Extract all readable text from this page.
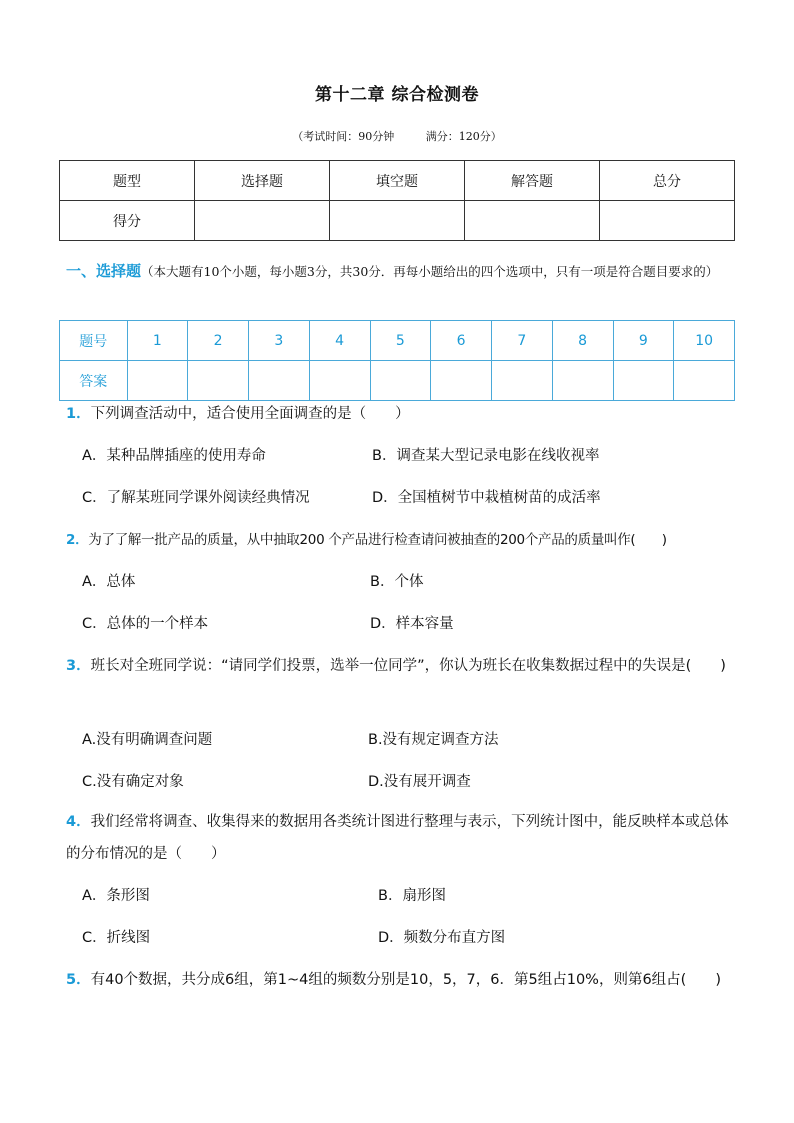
第十二章 综合检测卷
（考试时间：90分钟	满分：120分）
题型	选择题	填空题	解答题	总分
得分				
一、选择题（本大题有10个小题，每小题3分，共30分．再每小题给出的四个选项中，只有一项是符合题目要求的）
题号	1	2	3	4	5	6	7	8	9	10
答案										
1．下列调查活动中，适合使用全面调查的是（　　）
A．某种品牌插座的使用寿命	B．调查某大型记录电影在线收视率
C．了解某班同学课外阅读经典情况	D．全国植树节中栽植树苗的成活率
2．为了了解一批产品的质量，从中抽取200 个产品进行检查请问被抽查的200个产品的质量叫作(　　)
A．总体	B．个体
C．总体的一个样本	D．样本容量
3．班长对全班同学说：“请同学们投票，选举一位同学”，你认为班长在收集数据过程中的失误是(　　)
A.没有明确调查问题	B.没有规定调查方法
C.没有确定对象	D.没有展开调查
4．我们经常将调查、收集得来的数据用各类统计图进行整理与表示，下列统计图中，能反映样本或总体的分布情况的是（　　）
A．条形图	B．扇形图
C．折线图	D．频数分布直方图
5．有40个数据，共分成6组，第1~4组的频数分别是10，5，7，6．第5组占10%，则第6组占(　　)
